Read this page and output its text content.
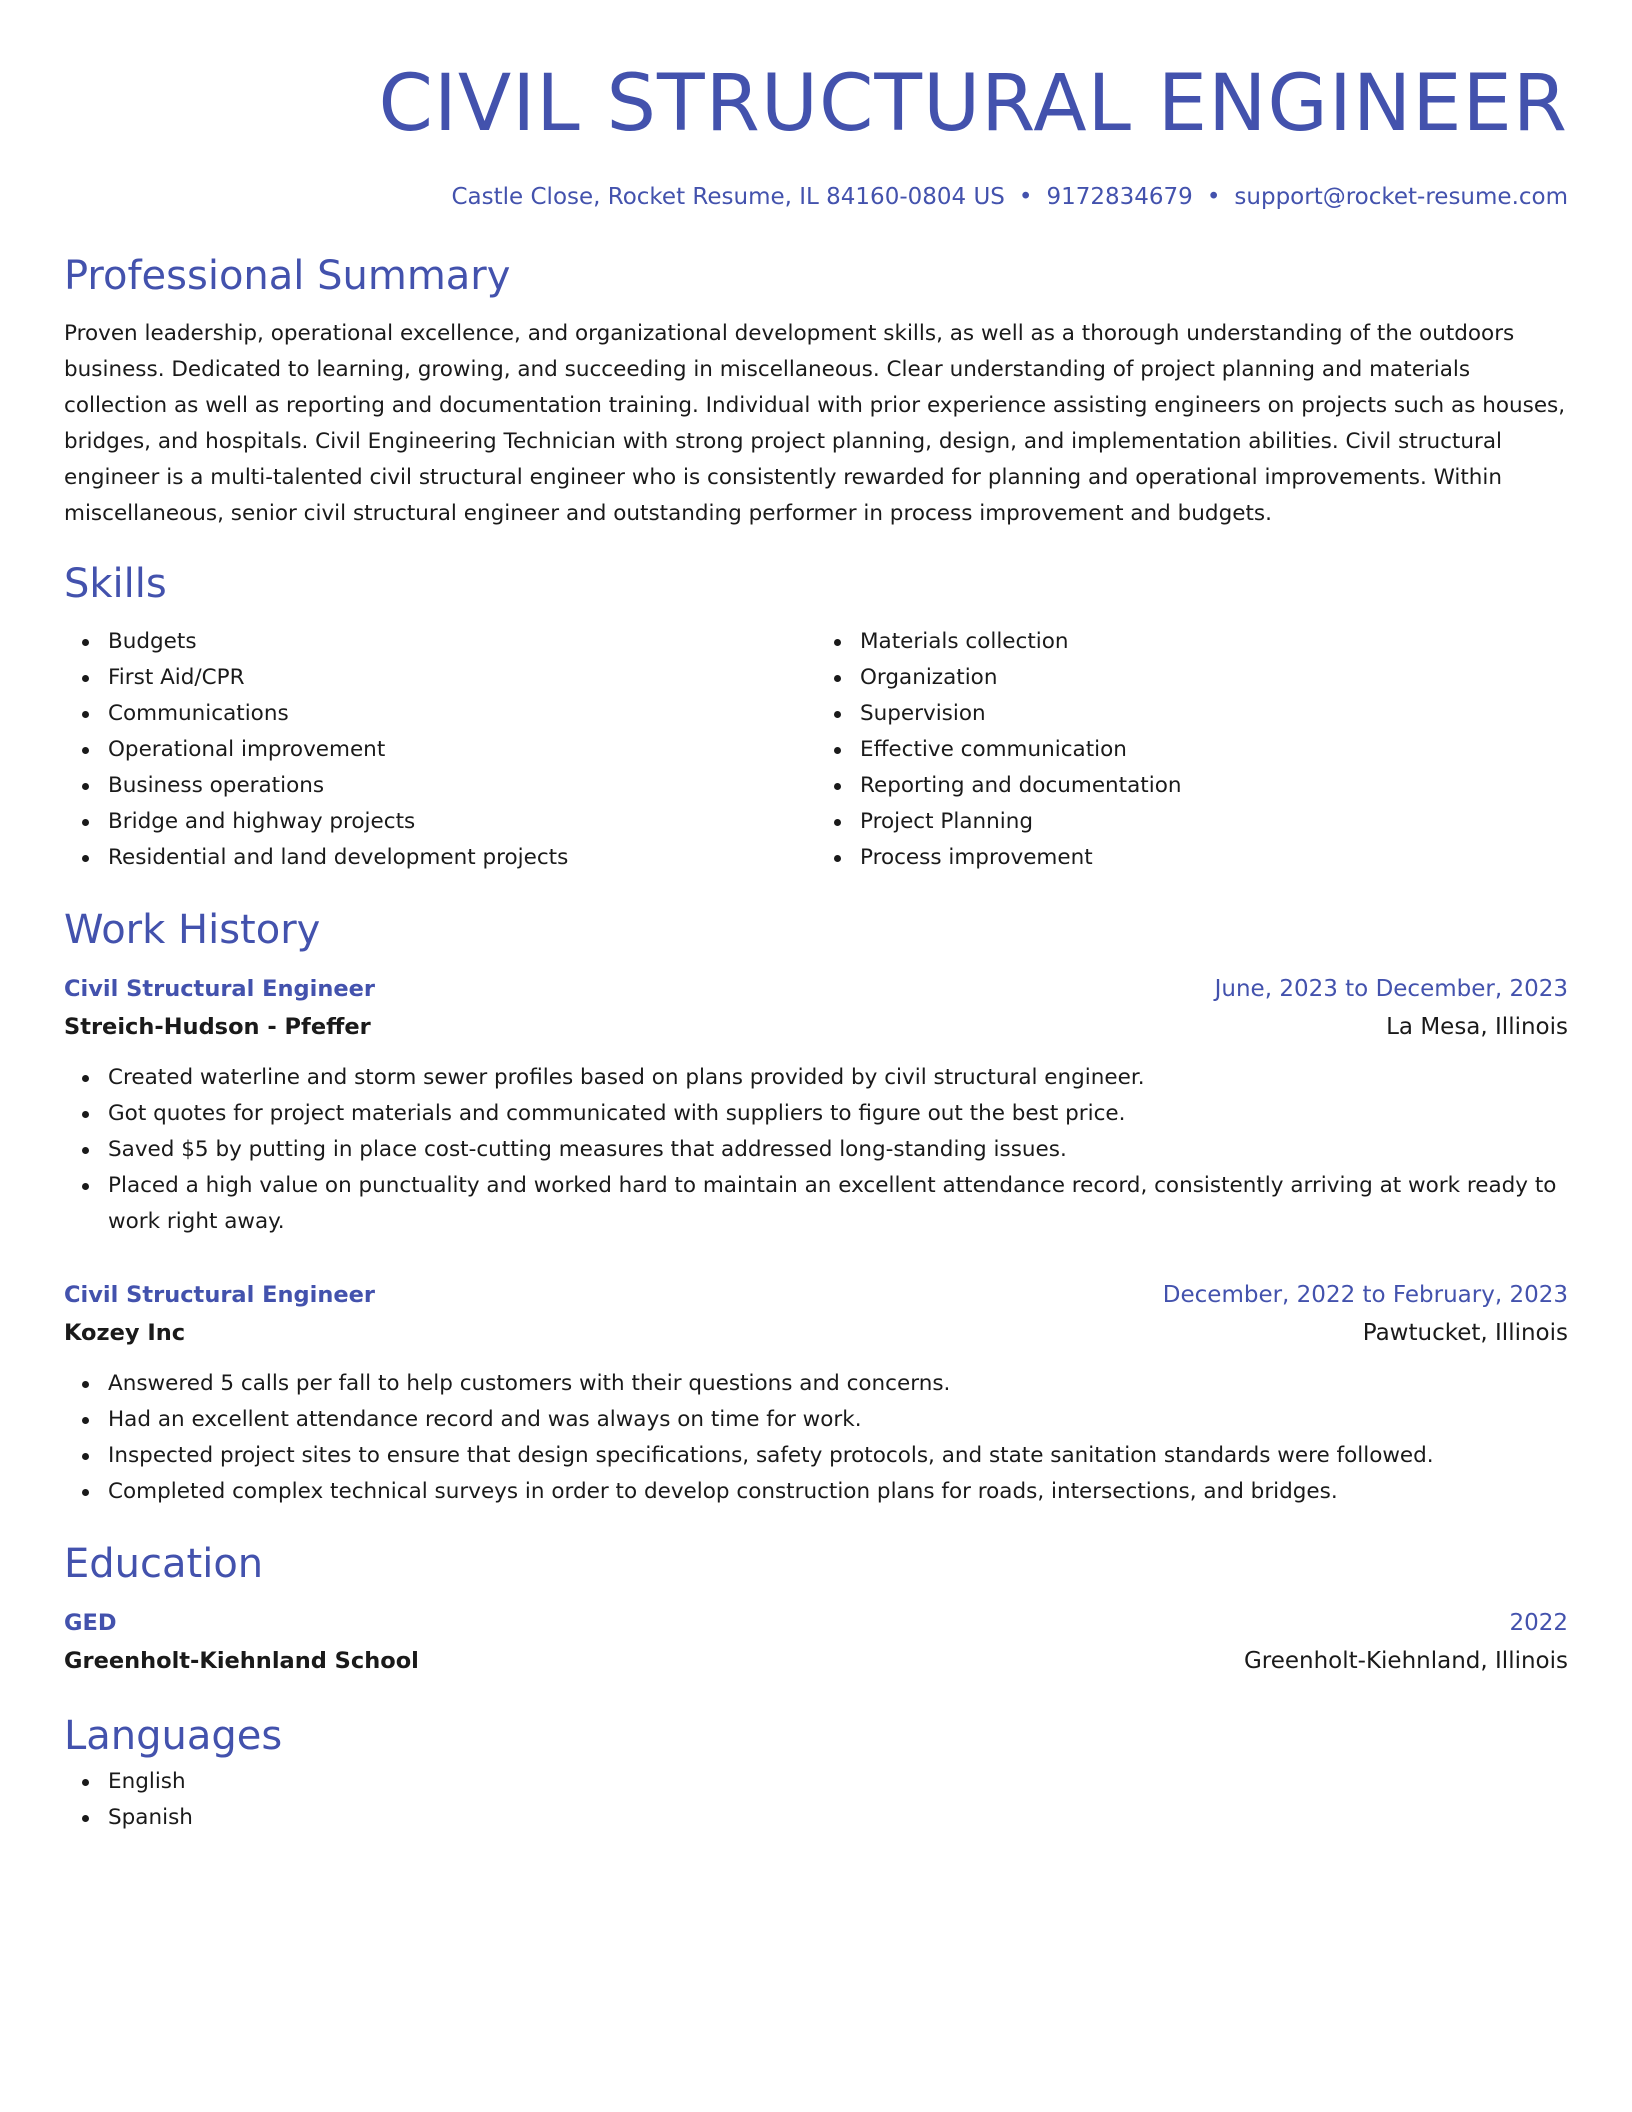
CIVIL STRUCTURAL ENGINEER
Castle Close, Rocket Resume, IL 84160-0804 US • 9172834679 • support@rocket-resume.com
Professional Summary

Proven leadership, operational excellence, and organizational development skills, as well as a thorough understanding of the outdoors business. Dedicated to learning, growing, and succeeding in miscellaneous. Clear understanding of project planning and materials collection as well as reporting and documentation training. Individual with prior experience assisting engineers on projects such as houses, bridges, and hospitals. Civil Engineering Technician with strong project planning, design, and implementation abilities. Civil structural engineer is a multi-talented civil structural engineer who is consistently rewarded for planning and operational improvements. Within miscellaneous, senior civil structural engineer and outstanding performer in process improvement and budgets.

Skills
Budgets
First Aid/CPR
Communications
Operational improvement
Business operations
Bridge and highway projects
Residential and land development projects
Materials collection
Organization
Supervision
Effective communication
Reporting and documentation
Project Planning
Process improvement
Work History
Civil Structural Engineer	June, 2023 to December, 2023
Streich-Hudson - Pfeffer	La Mesa, Illinois
Created waterline and storm sewer profiles based on plans provided by civil structural engineer.
Got quotes for project materials and communicated with suppliers to figure out the best price.
Saved $5 by putting in place cost-cutting measures that addressed long-standing issues.
Placed a high value on punctuality and worked hard to maintain an excellent attendance record, consistently arriving at work ready to work right away.
Civil Structural Engineer	December, 2022 to February, 2023
Kozey Inc	Pawtucket, Illinois
Answered 5 calls per fall to help customers with their questions and concerns.
Had an excellent attendance record and was always on time for work.
Inspected project sites to ensure that design specifications, safety protocols, and state sanitation standards were followed.
Completed complex technical surveys in order to develop construction plans for roads, intersections, and bridges.
Education
GED	2022
Greenholt-Kiehnland School	Greenholt-Kiehnland, Illinois
Languages
English
Spanish
